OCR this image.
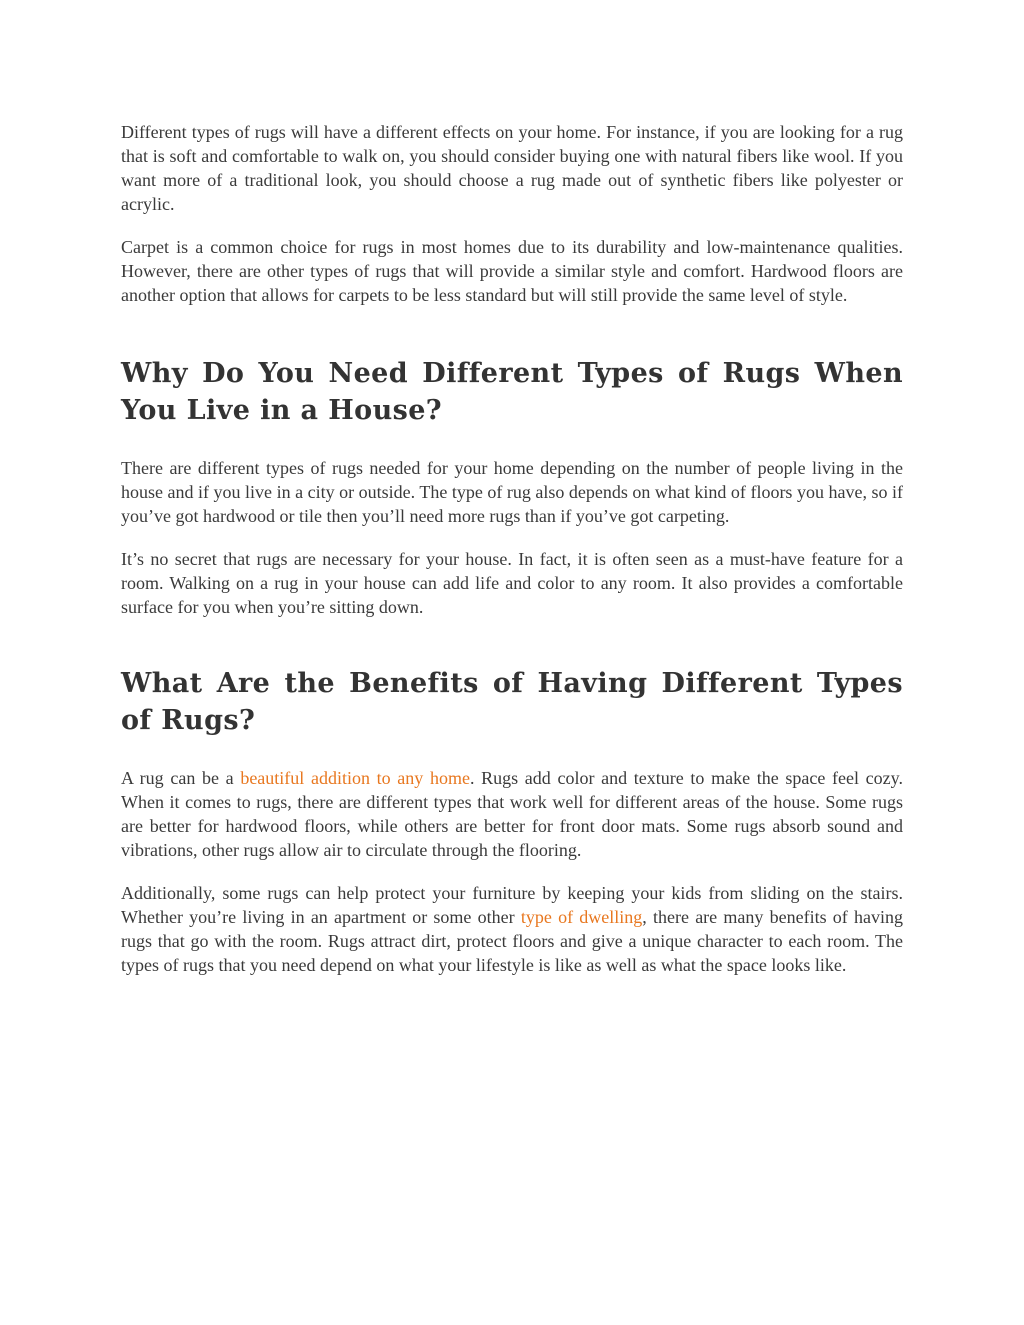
Different types of rugs will have a different effects on your home. For instance, if you are looking for a rug that is soft and comfortable to walk on, you should consider buying one with natural fibers like wool. If you want more of a traditional look, you should choose a rug made out of synthetic fibers like polyester or acrylic.

Carpet is a common choice for rugs in most homes due to its durability and low-maintenance qualities. However, there are other types of rugs that will provide a similar style and comfort. Hardwood floors are another option that allows for carpets to be less standard but will still provide the same level of style.

Why Do You Need Different Types of Rugs When You Live in a House?

There are different types of rugs needed for your home depending on the number of people living in the house and if you live in a city or outside. The type of rug also depends on what kind of floors you have, so if you’ve got hardwood or tile then you’ll need more rugs than if you’ve got carpeting.

It’s no secret that rugs are necessary for your house. In fact, it is often seen as a must-have feature for a room. Walking on a rug in your house can add life and color to any room. It also provides a comfortable surface for you when you’re sitting down.

What Are the Benefits of Having Different Types of Rugs?

A rug can be a beautiful addition to any home. Rugs add color and texture to make the space feel cozy. When it comes to rugs, there are different types that work well for different areas of the house. Some rugs are better for hardwood floors, while others are better for front door mats. Some rugs absorb sound and vibrations, other rugs allow air to circulate through the flooring.

Additionally, some rugs can help protect your furniture by keeping your kids from sliding on the stairs. Whether you’re living in an apartment or some other type of dwelling, there are many benefits of having rugs that go with the room. Rugs attract dirt, protect floors and give a unique character to each room. The types of rugs that you need depend on what your lifestyle is like as well as what the space looks like.
